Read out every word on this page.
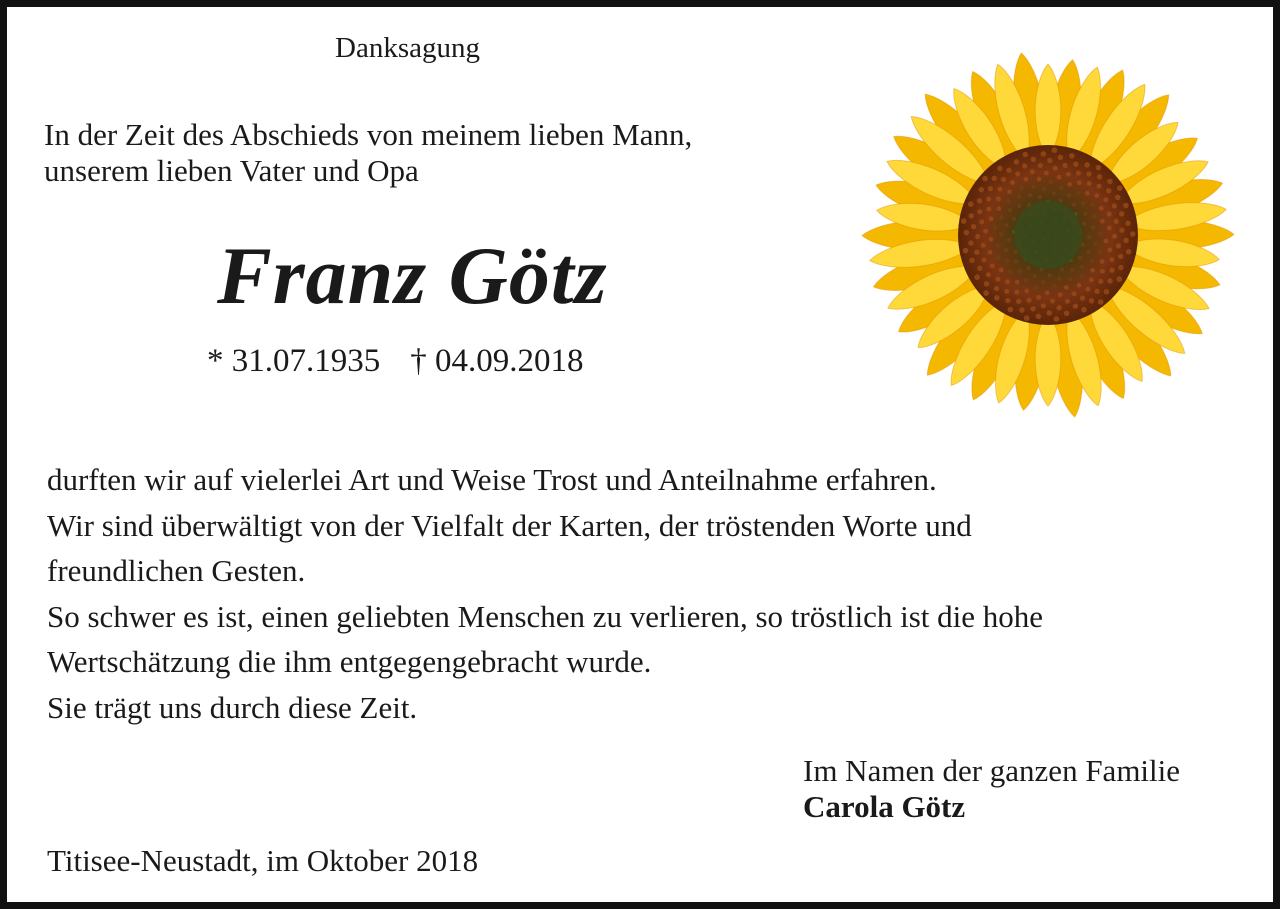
Danksagung

In der Zeit des Abschieds von meinem lieben Mann,
unserem lieben Vater und Opa

Franz Götz

* 31.07.1935 † 04.09.2018

durften wir auf vielerlei Art und Weise Trost und Anteilnahme erfahren.
Wir sind überwältigt von der Vielfalt der Karten, der tröstenden Worte und
freundlichen Gesten.
So schwer es ist, einen geliebten Menschen zu verlieren, so tröstlich ist die hohe
Wertschätzung die ihm entgegengebracht wurde.
Sie trägt uns durch diese Zeit.

Im Namen der ganzen Familie
Carola Götz

Titisee-Neustadt, im Oktober 2018
